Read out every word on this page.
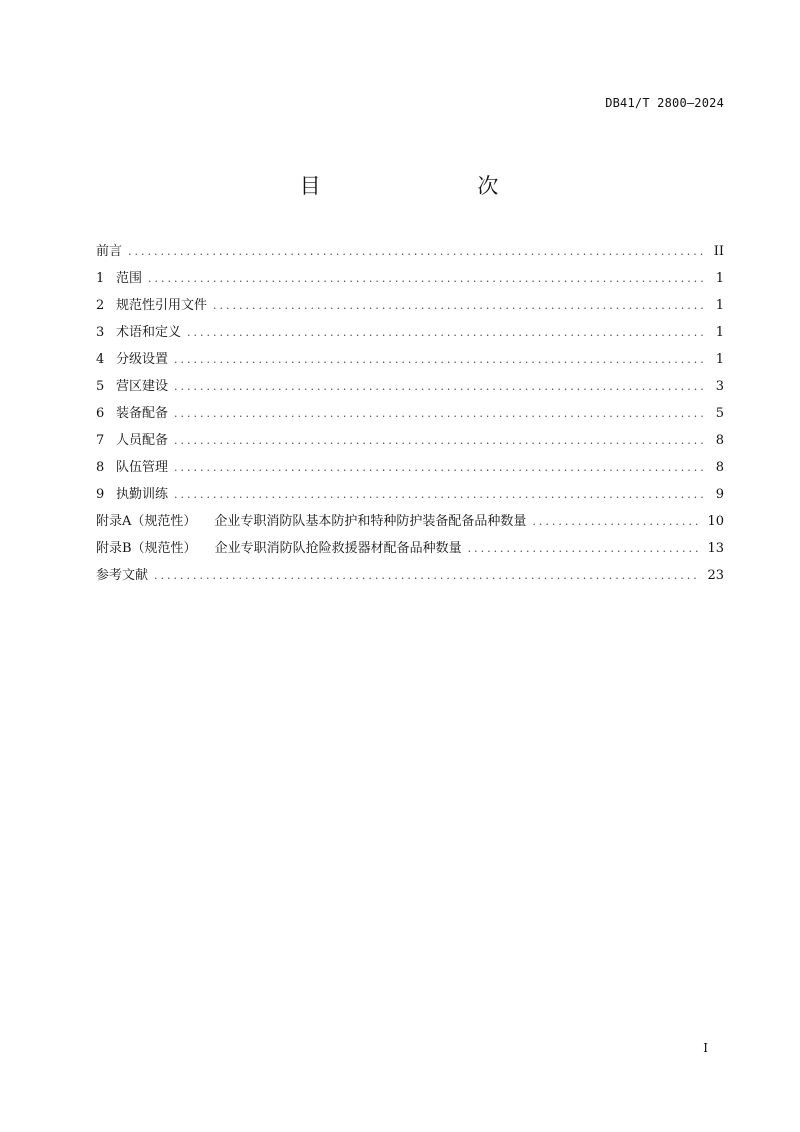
DB41/T 2800—2024
目    次
前言 .....	II
1 范围 .....	1
2 规范性引用文件 .....	1
3 术语和定义 .....	1
4 分级设置 .....	1
5 营区建设 .....	3
6 装备配备 .....	5
7 人员配备 .....	8
8 队伍管理 .....	8
9 执勤训练 .....	9
附录A（规范性） 企业专职消防队基本防护和特种防护装备配备品种数量 .....	10
附录B（规范性） 企业专职消防队抢险救援器材配备品种数量 .....	13
参考文献 .....	23
I
